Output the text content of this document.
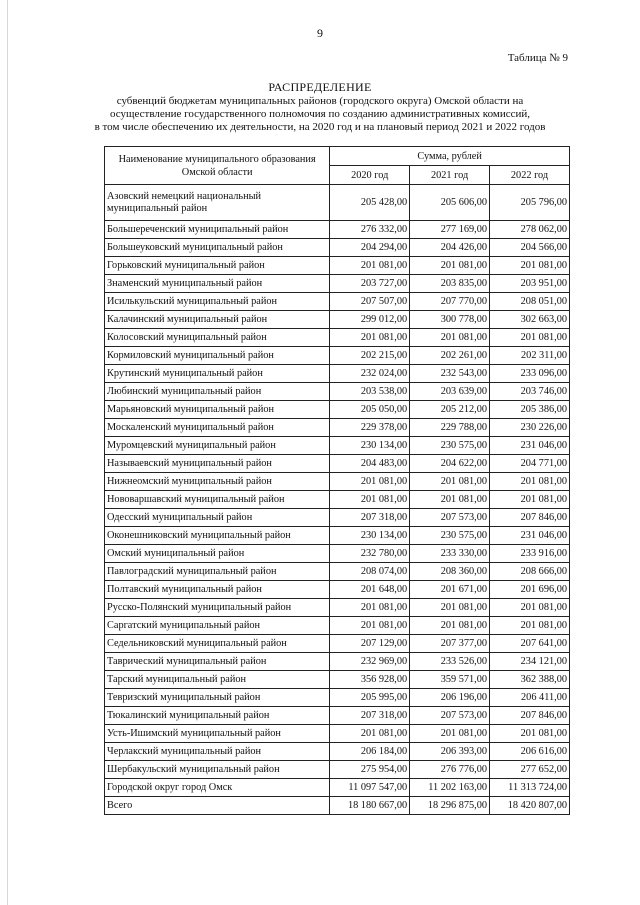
9
Таблица № 9
РАСПРЕДЕЛЕНИЕ
субвенций бюджетам муниципальных районов (городского округа) Омской области на
осуществление государственного полномочия по созданию административных комиссий,
в том числе обеспечению их деятельности, на 2020 год и на плановый период 2021 и 2022 годов
Наименование муниципального образования Омской области	Сумма, рублей		
	2020 год	2021 год	2022 год
Азовский немецкий национальный муниципальный район	205 428,00	205 606,00	205 796,00
Большереченский муниципальный район	276 332,00	277 169,00	278 062,00
Большеуковский муниципальный район	204 294,00	204 426,00	204 566,00
Горьковский муниципальный район	201 081,00	201 081,00	201 081,00
Знаменский муниципальный район	203 727,00	203 835,00	203 951,00
Исилькульский муниципальный район	207 507,00	207 770,00	208 051,00
Калачинский муниципальный район	299 012,00	300 778,00	302 663,00
Колосовский муниципальный район	201 081,00	201 081,00	201 081,00
Кормиловский муниципальный район	202 215,00	202 261,00	202 311,00
Крутинский муниципальный район	232 024,00	232 543,00	233 096,00
Любинский муниципальный район	203 538,00	203 639,00	203 746,00
Марьяновский муниципальный район	205 050,00	205 212,00	205 386,00
Москаленский муниципальный район	229 378,00	229 788,00	230 226,00
Муромцевский муниципальный район	230 134,00	230 575,00	231 046,00
Называевский муниципальный район	204 483,00	204 622,00	204 771,00
Нижнеомский муниципальный район	201 081,00	201 081,00	201 081,00
Нововаршавский муниципальный район	201 081,00	201 081,00	201 081,00
Одесский муниципальный район	207 318,00	207 573,00	207 846,00
Оконешниковский муниципальный район	230 134,00	230 575,00	231 046,00
Омский муниципальный район	232 780,00	233 330,00	233 916,00
Павлоградский муниципальный район	208 074,00	208 360,00	208 666,00
Полтавский муниципальный район	201 648,00	201 671,00	201 696,00
Русско-Полянский муниципальный район	201 081,00	201 081,00	201 081,00
Саргатский муниципальный район	201 081,00	201 081,00	201 081,00
Седельниковский муниципальный район	207 129,00	207 377,00	207 641,00
Таврический муниципальный район	232 969,00	233 526,00	234 121,00
Тарский муниципальный район	356 928,00	359 571,00	362 388,00
Тевризский муниципальный район	205 995,00	206 196,00	206 411,00
Тюкалинский муниципальный район	207 318,00	207 573,00	207 846,00
Усть-Ишимский муниципальный район	201 081,00	201 081,00	201 081,00
Черлакский муниципальный район	206 184,00	206 393,00	206 616,00
Шербакульский муниципальный район	275 954,00	276 776,00	277 652,00
Городской округ город Омск	11 097 547,00	11 202 163,00	11 313 724,00
Всего	18 180 667,00	18 296 875,00	18 420 807,00
